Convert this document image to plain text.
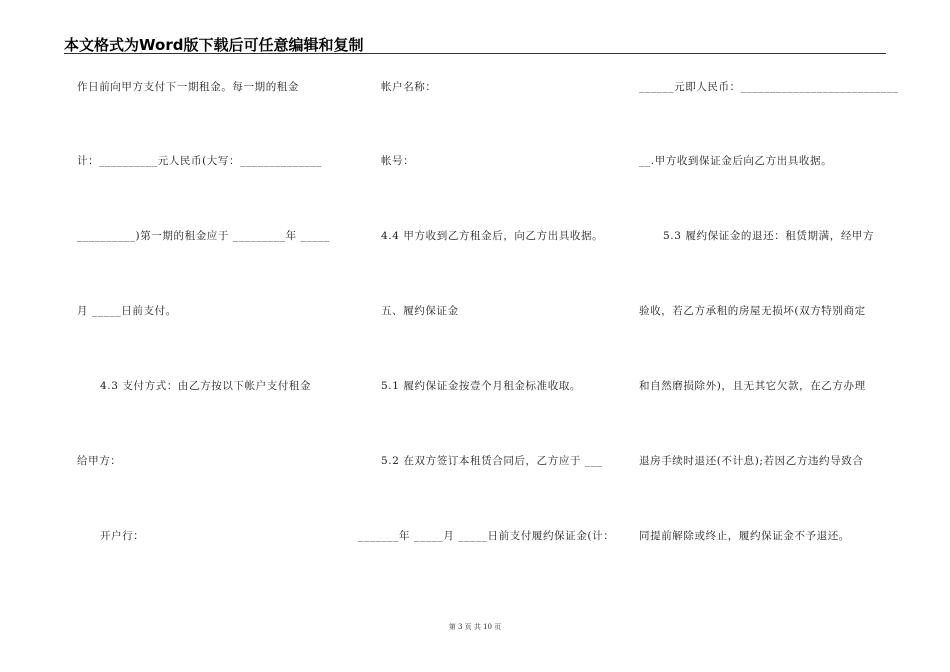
本文格式为Word版下载后可任意编辑和复制
作日前向甲方支付下一期租金。每一期的租金
计：__________元人民币(大写：______________
__________)第一期的租金应于 _________年 _____
月 _____日前支付。
4.3 支付方式：由乙方按以下帐户支付租金
给甲方：
开户行：
帐户名称：
帐号：
4.4 甲方收到乙方租金后，向乙方出具收据。
五、履约保证金
5.1 履约保证金按壹个月租金标准收取。
5.2 在双方签订本租赁合同后，乙方应于 ___
_______年 _____月 _____日前支付履约保证金(计：
______元即人民币：___________________________
__.甲方收到保证金后向乙方出具收据。
5.3 履约保证金的退还：租赁期满，经甲方
验收，若乙方承租的房屋无损坏(双方特别商定
和自然磨损除外)，且无其它欠款，在乙方办理
退房手续时退还(不计息);若因乙方违约导致合
同提前解除或终止，履约保证金不予退还。
第 3 页 共 10 页
